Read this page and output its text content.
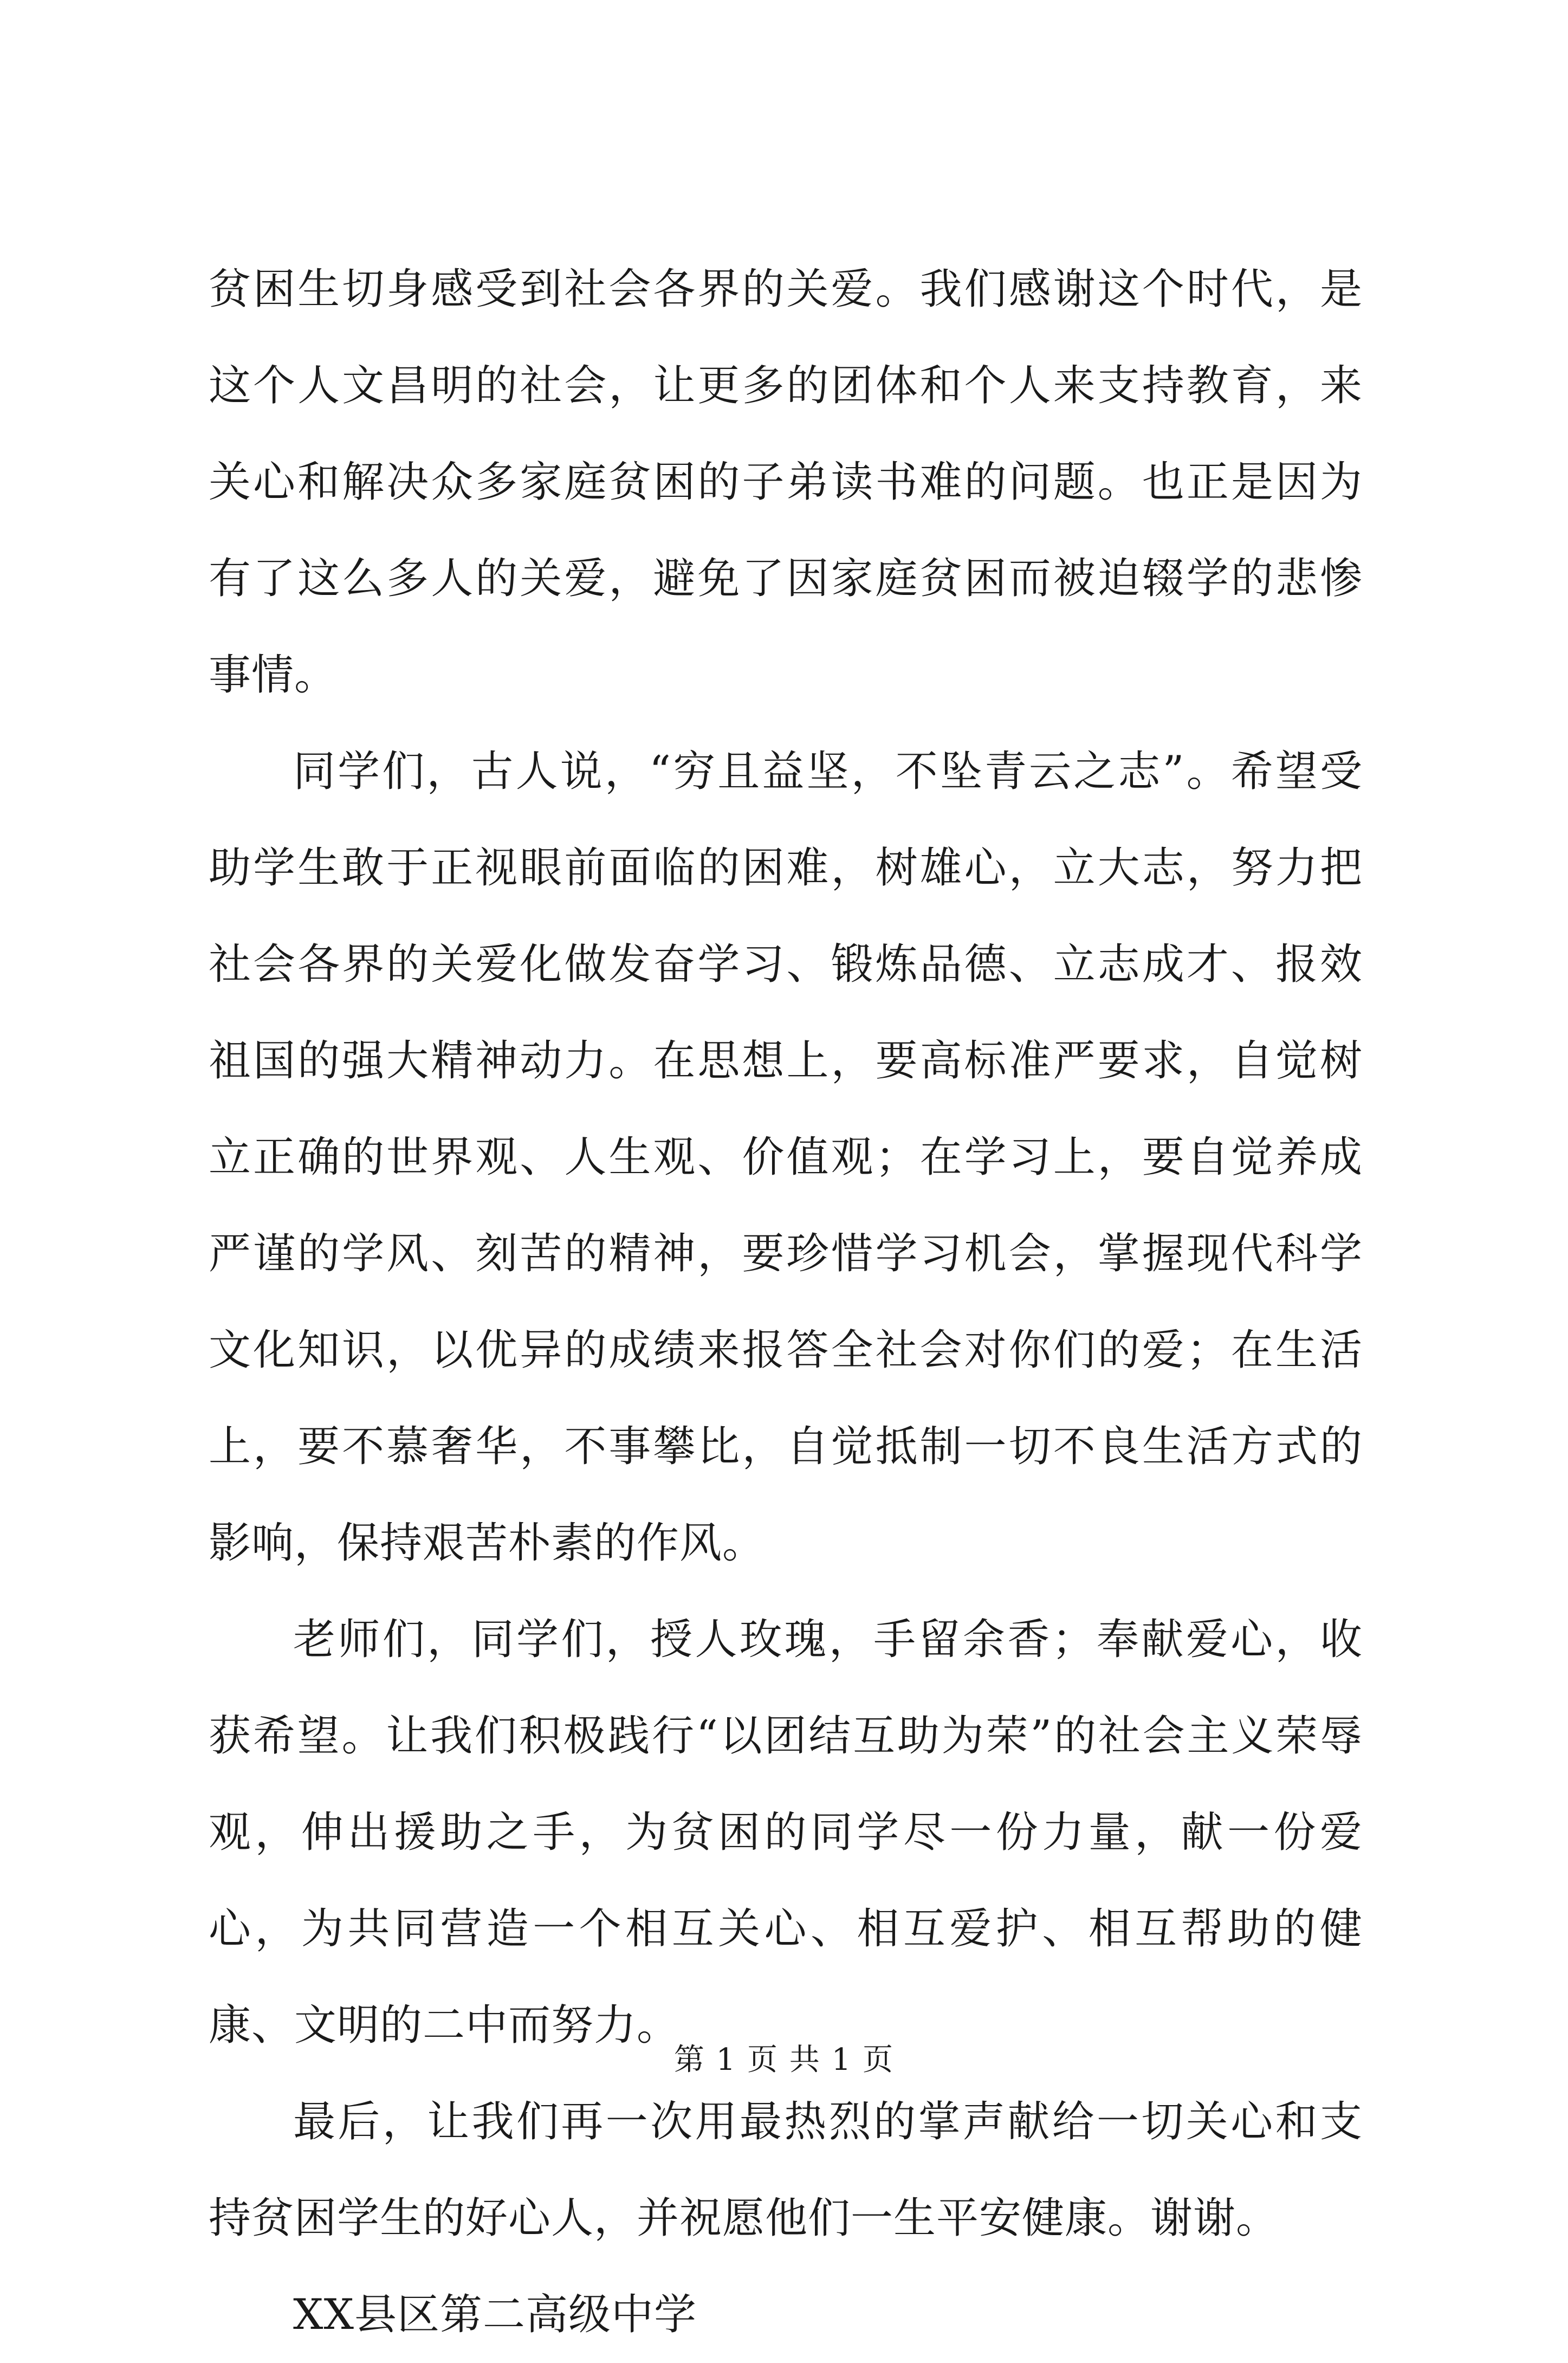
贫困生切身感受到社会各界的关爱。我们感谢这个时代，是这个人文昌明的社会，让更多的团体和个人来支持教育，来关心和解决众多家庭贫困的子弟读书难的问题。也正是因为有了这么多人的关爱，避免了因家庭贫困而被迫辍学的悲惨事情。

同学们，古人说，“穷且益坚，不坠青云之志”。希望受助学生敢于正视眼前面临的困难，树雄心，立大志，努力把社会各界的关爱化做发奋学习、锻炼品德、立志成才、报效祖国的强大精神动力。在思想上，要高标准严要求，自觉树立正确的世界观、人生观、价值观；在学习上，要自觉养成严谨的学风、刻苦的精神，要珍惜学习机会，掌握现代科学文化知识，以优异的成绩来报答全社会对你们的爱；在生活上，要不慕奢华，不事攀比，自觉抵制一切不良生活方式的影响，保持艰苦朴素的作风。

老师们，同学们，授人玫瑰，手留余香；奉献爱心，收获希望。让我们积极践行“以团结互助为荣”的社会主义荣辱观，伸出援助之手，为贫困的同学尽一份力量，献一份爱心，为共同营造一个相互关心、相互爱护、相互帮助的健康、文明的二中而努力。

最后，让我们再一次用最热烈的掌声献给一切关心和支持贫困学生的好心人，并祝愿他们一生平安健康。谢谢。

XX县区第二高级中学

第 1 页 共 1 页
